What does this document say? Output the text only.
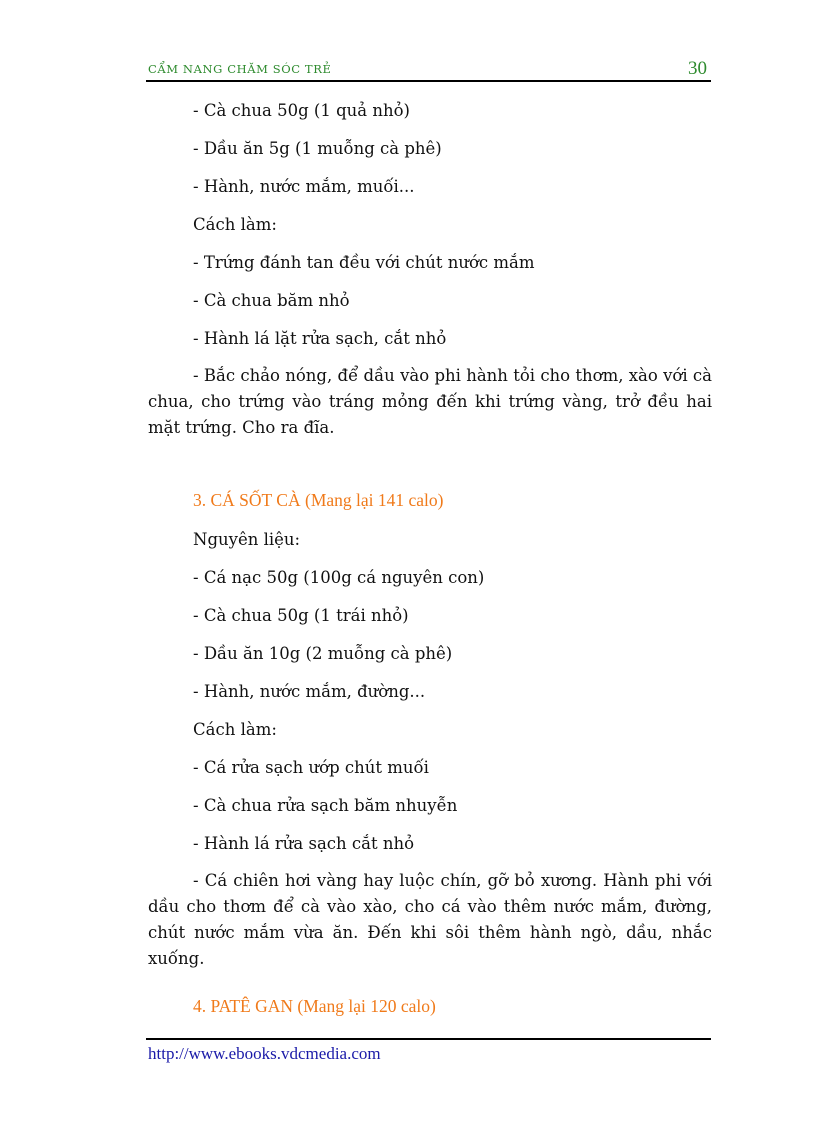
CẨM NANG CHĂM SÓC TRẺ	30
- Cà chua 50g (1 quả nhỏ)
- Dầu ăn 5g (1 muỗng cà phê)
- Hành, nước mắm, muối...
Cách làm:
- Trứng đánh tan đều với chút nước mắm
- Cà chua băm nhỏ
- Hành lá lặt rửa sạch, cắt nhỏ
- Bắc chảo nóng, để dầu vào phi hành tỏi cho thơm, xào với cà chua, cho trứng vào tráng mỏng đến khi trứng vàng, trở đều hai mặt trứng. Cho ra đĩa.
3. CÁ SỐT CÀ (Mang lại 141 calo)
Nguyên liệu:
- Cá nạc 50g (100g cá nguyên con)
- Cà chua 50g (1 trái nhỏ)
- Dầu ăn 10g (2 muỗng cà phê)
- Hành, nước mắm, đường...
Cách làm:
- Cá rửa sạch ướp chút muối
- Cà chua rửa sạch băm nhuyễn
- Hành lá rửa sạch cắt nhỏ
- Cá chiên hơi vàng hay luộc chín, gỡ bỏ xương. Hành phi với dầu cho thơm để cà vào xào, cho cá vào thêm nước mắm, đường, chút nước mắm vừa ăn. Đến khi sôi thêm hành ngò, dầu, nhắc xuống.
4. PATÊ GAN (Mang lại 120 calo)
http://www.ebooks.vdcmedia.com
